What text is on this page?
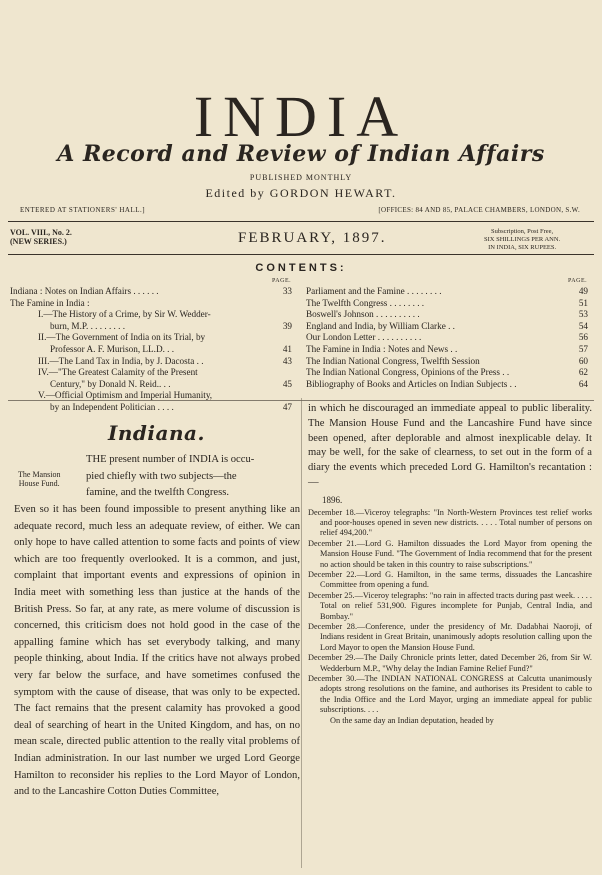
INDIA
A Record and Review of Indian Affairs
PUBLISHED MONTHLY
Edited by GORDON HEWART.
ENTERED AT STATIONERS' HALL.]	[OFFICES: 84 AND 85, PALACE CHAMBERS, LONDON, S.W.
VOL. VIII., No. 2.
(NEW SERIES.)	FEBRUARY, 1897.	Subscription, Post Free,
SIX SHILLINGS PER ANN.
IN INDIA, SIX RUPEES.
CONTENTS:
PAGE.	PAGE.
Indiana : Notes on Indian Affairs . . . . . .	33
The Famine in India :
I.—The History of a Crime, by Sir W. Wedder-
burn, M.P. . . . . . . . .	39
II.—The Government of India on its Trial, by
Professor A. F. Murison, LL.D. . .	41
III.—The Land Tax in India, by J. Dacosta . .	43
IV.—"The Greatest Calamity of the Present
Century," by Donald N. Reid.. . .	45
V.—Official Optimism and Imperial Humanity,
by an Independent Politician . . . .	47
Parliament and the Famine . . . . . . . .	49
The Twelfth Congress . . . . . . . .	51
Boswell's Johnson . . . . . . . . . .	53
England and India, by William Clarke . .	54
Our London Letter . . . . . . . . . .	56
The Famine in India : Notes and News . .	57
The Indian National Congress, Twelfth Session	60
The Indian National Congress, Opinions of the Press . .	62
Bibliography of Books and Articles on Indian Subjects . .	64
Indiana.
The Mansion
House Fund.

THE present number of INDIA is occu-

pied chiefly with two subjects—the

famine, and the twelfth Congress.

Even so it has been found impossible to present anything like an adequate record, much less an adequate review, of either. We can only hope to have called attention to some facts and points of view which are too frequently overlooked. It is a common, and just, complaint that important events and expressions of opinion in India meet with something less than justice at the hands of the British Press. So far, at any rate, as mere volume of discussion is concerned, this criticism does not hold good in the case of the appalling famine which has set everybody talking, and many people thinking, about India. If the critics have not always probed very far below the surface, and have sometimes confused the symptom with the cause of disease, that was only to be expected. The fact remains that the present calamity has provoked a good deal of searching of heart in the United Kingdom, and has, on no mean scale, directed public attention to the really vital problems of Indian administration. In our last number we urged Lord George Hamilton to reconsider his replies to the Lord Mayor of London, and to the Lancashire Cotton Duties Committee,

in which he discouraged an immediate appeal to public liberality. The Mansion House Fund and the Lancashire Fund have since been opened, after deplorable and almost inexplicable delay. It may be well, for the sake of clearness, to set out in the form of a diary the events which preceded Lord G. Hamilton's recantation :—

1896.

December 18.—Viceroy telegraphs: "In North-Western Provinces test relief works and poor-houses opened in seven new districts. . . . . Total number of persons on relief 494,200."

December 21.—Lord G. Hamilton dissuades the Lord Mayor from opening the Mansion House Fund. "The Government of India recommend that for the present no action should be taken in this country to raise subscriptions."

December 22.—Lord G. Hamilton, in the same terms, dissuades the Lancashire Committee from opening a fund.

December 25.—Viceroy telegraphs: "no rain in affected tracts during past week. . . . . Total on relief 531,900. Figures incomplete for Punjab, Central India, and Bombay."

December 28.—Conference, under the presidency of Mr. Dadabhai Naoroji, of Indians resident in Great Britain, unanimously adopts resolution calling upon the Lord Mayor to open the Mansion House Fund.

December 29.—The Daily Chronicle prints letter, dated December 26, from Sir W. Wedderburn M.P., "Why delay the Indian Famine Relief Fund?"

December 30.—The INDIAN NATIONAL CONGRESS at Calcutta unanimously adopts strong resolutions on the famine, and authorises its President to cable to the India Office and the Lord Mayor, urging an immediate appeal for public subscriptions. . . .

On the same day an Indian deputation, headed by
